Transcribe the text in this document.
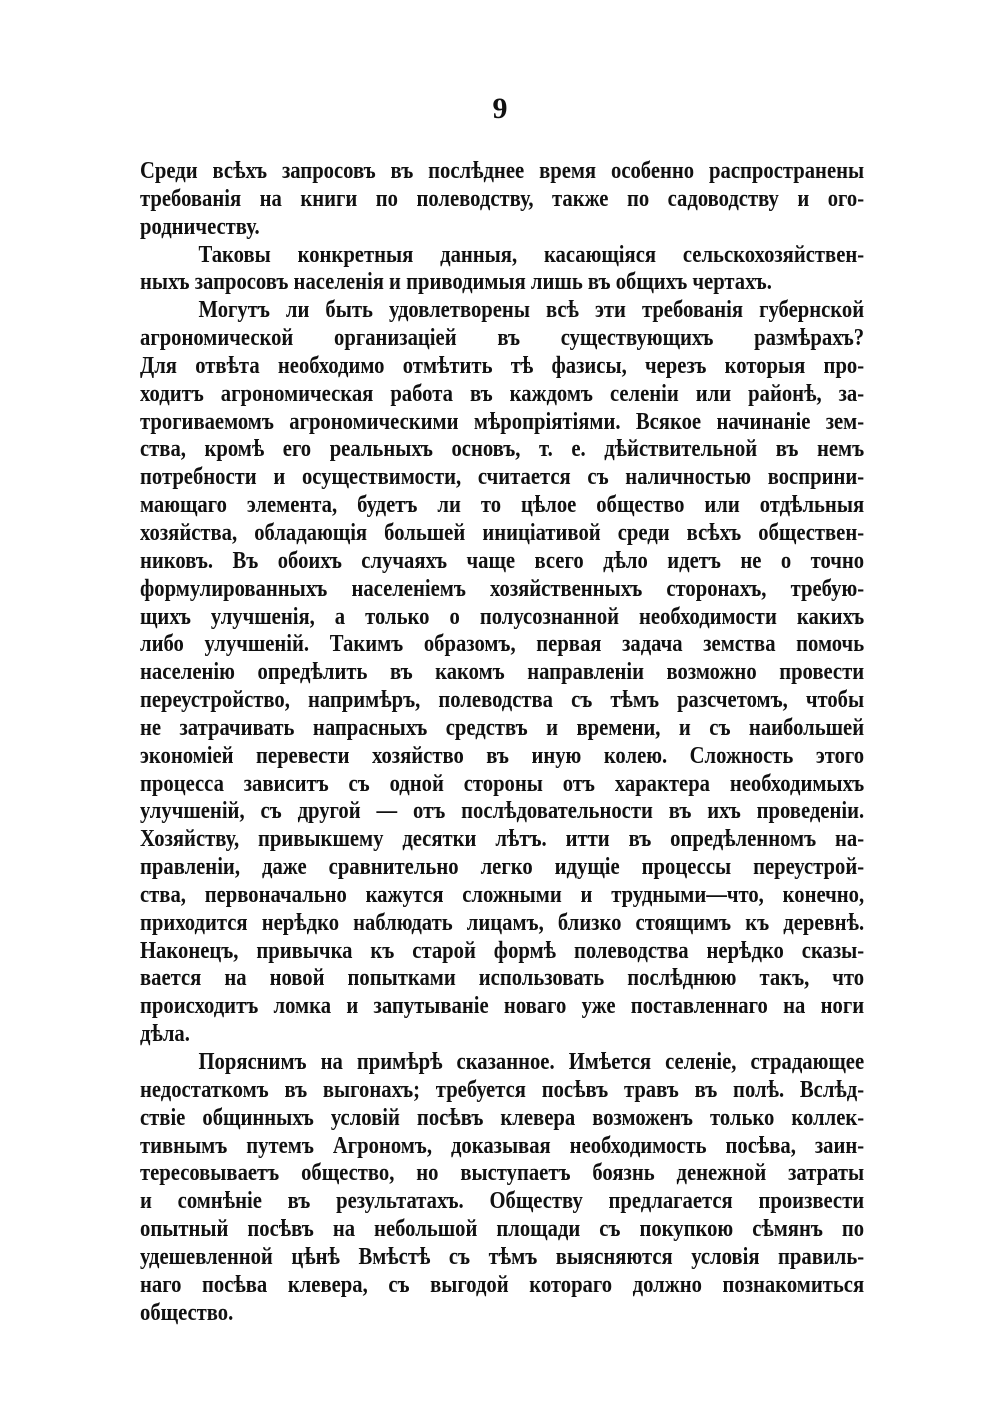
9
Среди всѣхъ запросовъ въ послѣднее время особенно распространены
требованія на книги по полеводству, также по садоводству и ого-
родничеству.
Таковы конкретныя данныя, касающіяся сельскохозяйствен-
ныхъ запросовъ населенія и приводимыя лишь въ общихъ чертахъ.
Могутъ ли быть удовлетворены всѣ эти требованія губернской
агрономической организаціей въ существующихъ размѣрахъ?
Для отвѣта необходимо отмѣтить тѣ фазисы, черезъ которыя про-
ходитъ агрономическая работа въ каждомъ селеніи или районѣ, за-
трогиваемомъ агрономическими мѣропріятіями. Всякое начинаніе зем-
ства, кромѣ его реальныхъ основъ, т. е. дѣйствительной въ немъ
потребности и осуществимости, считается съ наличностью восприни-
мающаго элемента, будетъ ли то цѣлое общество или отдѣльныя
хозяйства, обладающія большей иниціативой среди всѣхъ обществен-
никовъ. Въ обоихъ случаяхъ чаще всего дѣло идетъ не о точно
формулированныхъ населеніемъ хозяйственныхъ сторонахъ, требую-
щихъ улучшенія, а только о полусознанной необходимости какихъ
либо улучшеній. Такимъ образомъ, первая задача земства помочь
населенію опредѣлить въ какомъ направленіи возможно провести
переустройство, напримѣръ, полеводства съ тѣмъ разсчетомъ, чтобы
не затрачивать напрасныхъ средствъ и времени, и съ наибольшей
экономіей перевести хозяйство въ иную колею. Сложность этого
процесса зависитъ съ одной стороны отъ характера необходимыхъ
улучшеній, съ другой — отъ послѣдовательности въ ихъ проведеніи.
Хозяйству, привыкшему десятки лѣтъ. итти въ опредѣленномъ на-
правленіи, даже сравнительно легко идущіе процессы переустрой-
ства, первоначально кажутся сложными и трудными—что, конечно,
приходится нерѣдко наблюдать лицамъ, близко стоящимъ къ деревнѣ.
Наконецъ, привычка къ старой формѣ полеводства нерѣдко сказы-
вается на новой попытками использовать послѣднюю такъ, что
происходитъ ломка и запутываніе новаго уже поставленнаго на ноги
дѣла.
Поряснимъ на примѣрѣ сказанное. Имѣется селеніе, страдающее
недостаткомъ въ выгонахъ; требуется посѣвъ травъ въ полѣ. Вслѣд-
ствіе общинныхъ условій посѣвъ клевера возможенъ только коллек-
тивнымъ путемъ Агрономъ, доказывая необходимость посѣва, заин-
тересовываетъ общество, но выступаетъ боязнь денежной затраты
и сомнѣніе въ результатахъ. Обществу предлагается произвести
опытный посѣвъ на небольшой площади съ покупкою сѣмянъ по
удешевленной цѣнѣ Вмѣстѣ съ тѣмъ выясняются условія правиль-
наго посѣва клевера, съ выгодой котораго должно познакомиться
общество.
